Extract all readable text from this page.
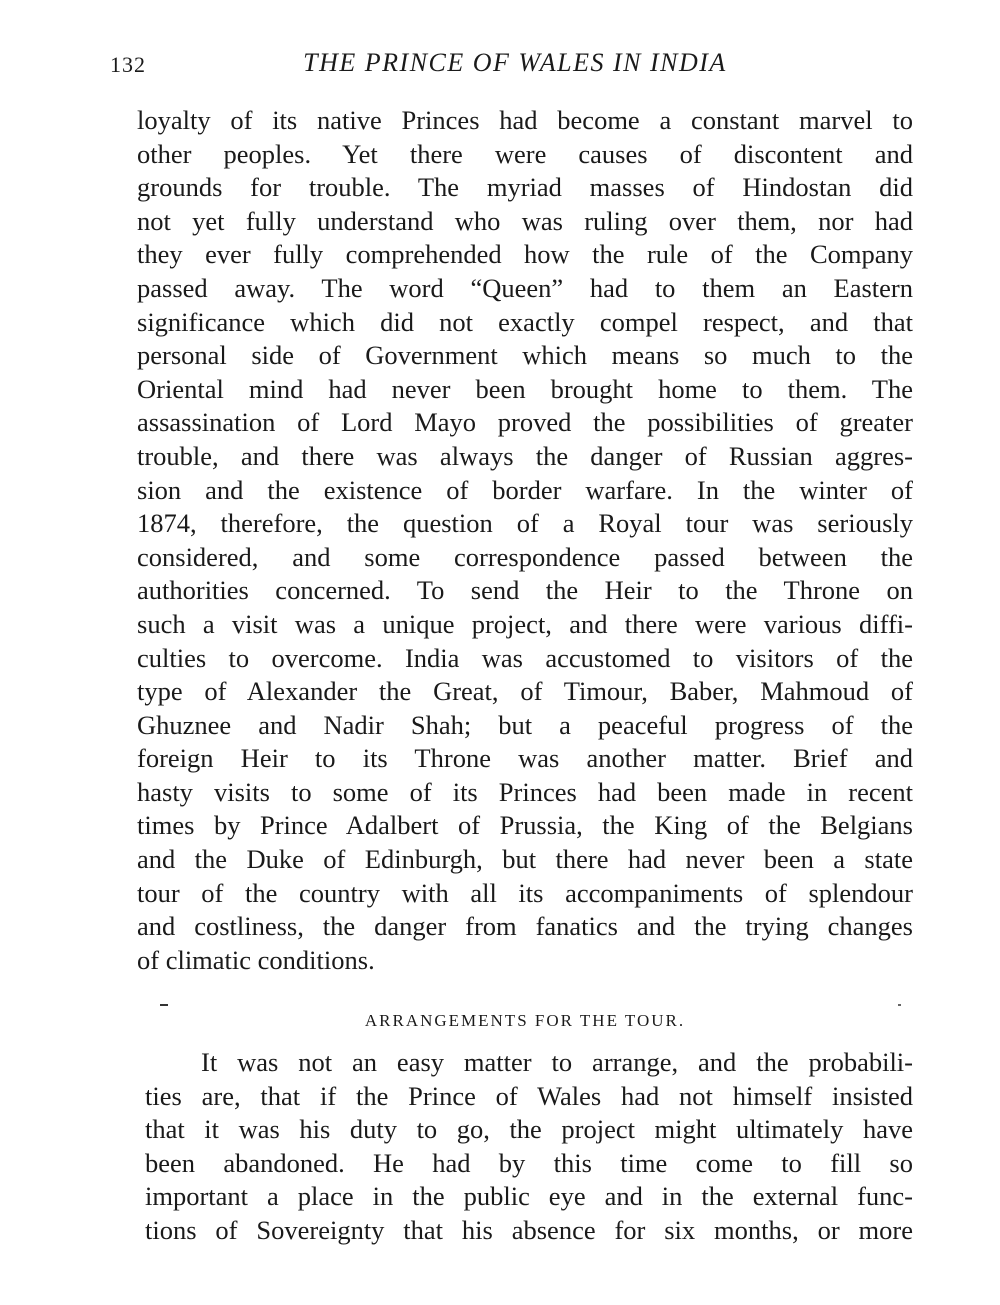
132	THE PRINCE OF WALES IN INDIA
loyalty of its native Princes had become a constant marvel to
other peoples. Yet there were causes of discontent and
grounds for trouble. The myriad masses of Hindostan did
not yet fully understand who was ruling over them, nor had
they ever fully comprehended how the rule of the Company
passed away. The word “Queen” had to them an Eastern
significance which did not exactly compel respect, and that
personal side of Government which means so much to the
Oriental mind had never been brought home to them. The
assassination of Lord Mayo proved the possibilities of greater
trouble, and there was always the danger of Russian aggres-
sion and the existence of border warfare. In the winter of
1874, therefore, the question of a Royal tour was seriously
considered, and some correspondence passed between the
authorities concerned. To send the Heir to the Throne on
such a visit was a unique project, and there were various diffi-
culties to overcome. India was accustomed to visitors of the
type of Alexander the Great, of Timour, Baber, Mahmoud of
Ghuznee and Nadir Shah; but a peaceful progress of the
foreign Heir to its Throne was another matter. Brief and
hasty visits to some of its Princes had been made in recent
times by Prince Adalbert of Prussia, the King of the Belgians
and the Duke of Edinburgh, but there had never been a state
tour of the country with all its accompaniments of splendour
and costliness, the danger from fanatics and the trying changes
of climatic conditions.
ARRANGEMENTS FOR THE TOUR.
It was not an easy matter to arrange, and the probabili-
ties are, that if the Prince of Wales had not himself insisted
that it was his duty to go, the project might ultimately have
been abandoned. He had by this time come to fill so
important a place in the public eye and in the external func-
tions of Sovereignty that his absence for six months, or more
